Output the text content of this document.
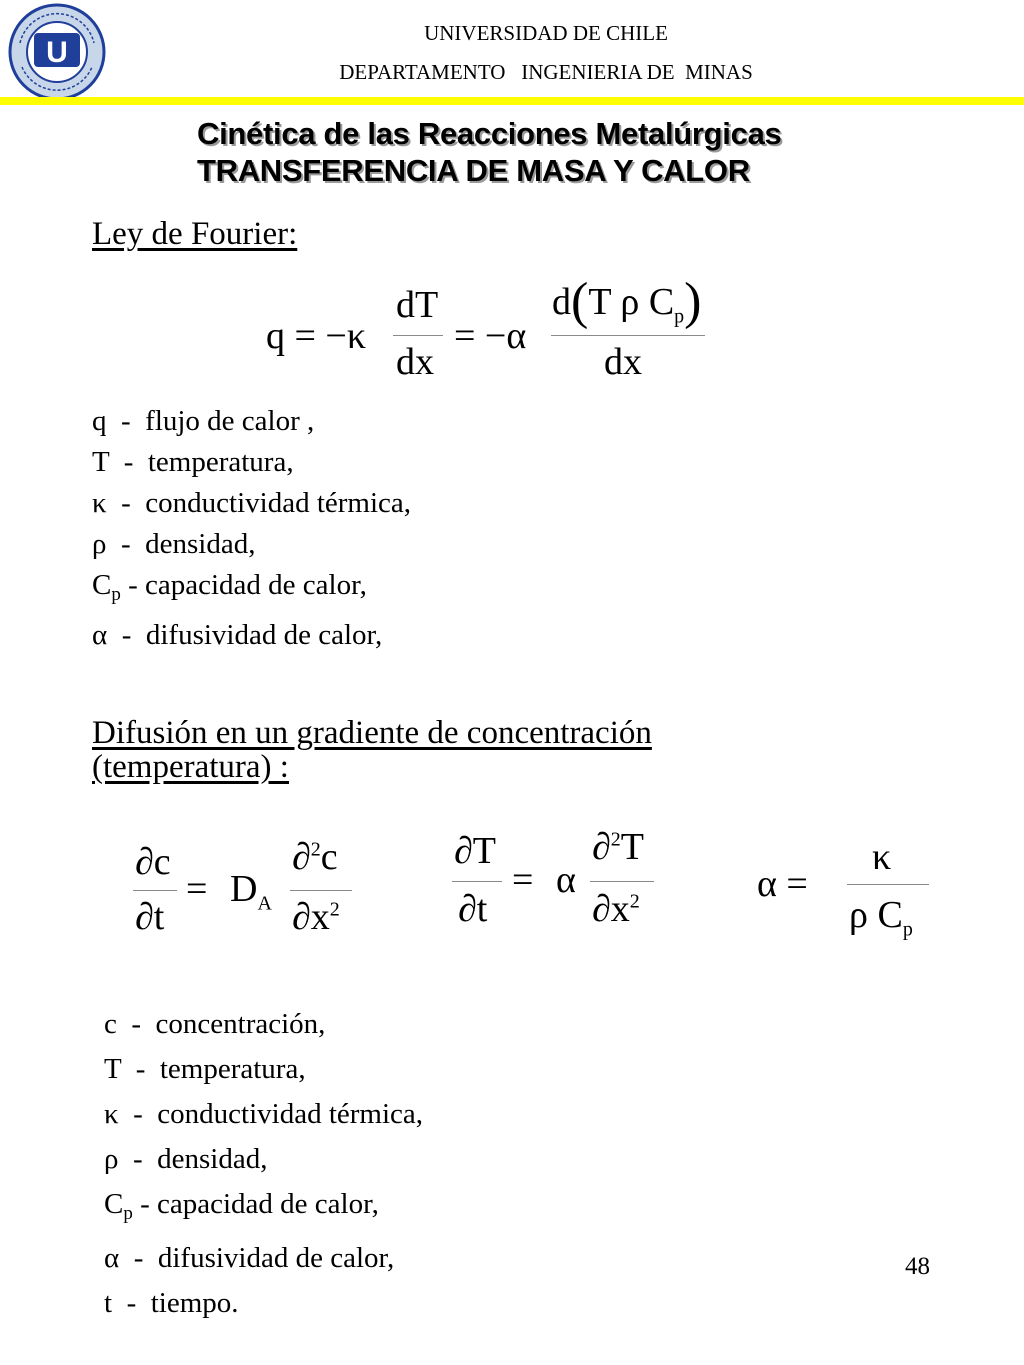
U
UNIVERSIDAD DE CHILE
DEPARTAMENTO   INGENIERIA DE  MINAS
Cinética de las Reacciones Metalúrgicas
TRANSFERENCIA DE MASA Y CALOR
Ley de Fourier:
q = −κ
dT
dx
= −α
d(T ρ $C_p$)
dx
q  -  flujo de calor ,
T  -  temperatura,
κ  -  conductividad térmica,
ρ  -  densidad,
$C_p$ - capacidad de calor,
α  -  difusividad de calor,
Difusión en un gradiente de concentración
(temperatura) :
∂c
∂t
= $D_A$
∂$^2$c
$\partial x^2$
∂T
∂t
= α
∂$^2$T
$\partial x^2$	α =
κ
ρ $C_p$
c  -  concentración,
T  -  temperatura,
κ  -  conductividad térmica,
ρ  -  densidad,
$C_p$ - capacidad de calor,
α  -  difusividad de calor,
t  -  tiempo.
48
